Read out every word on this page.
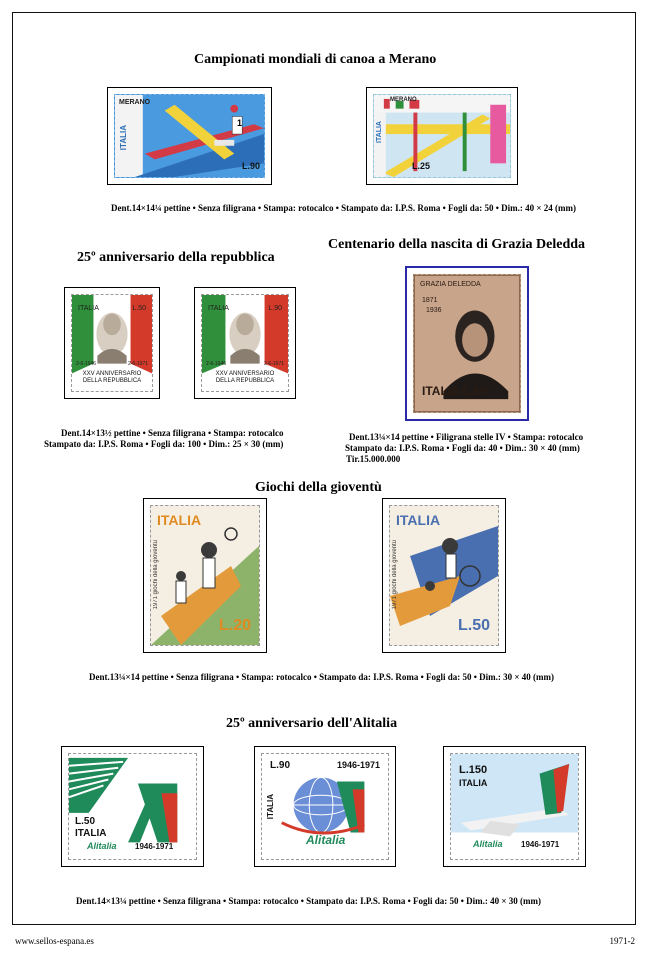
Campionati mondiali di canoa a Merano
MERANO
ITALIA
1
L.90
MERANO
ITALIA
L.25
Dent.14×14¼ pettine • Senza filigrana • Stampa: rotocalco • Stampato da: I.P.S. Roma • Fogli da: 50 • Dim.: 40 × 24 (mm)
25º anniversario della repubblica
ITALIA	L.50
2-6-1946	2-6-1971
XXV ANNIVERSARIO
DELLA REPUBBLICA
ITALIA	L.90
2-6-1946	2-6-1971
XXV ANNIVERSARIO
DELLA REPUBBLICA
Dent.14×13½ pettine • Senza filigrana • Stampa: rotocalco
Stampato da: I.P.S. Roma • Fogli da: 100 • Dim.: 25 × 30 (mm)
Centenario della nascita di Grazia Deledda
GRAZIA DELEDDA
1871
1936
ITALIA L.50
Dent.13¼×14 pettine • Filigrana stelle IV • Stampa: rotocalco
Stampato da: I.P.S. Roma • Fogli da: 40 • Dim.: 30 × 40 (mm)
Tir.15.000.000
Giochi della gioventù
ITALIA
1971 giochi della gioventù
L.20
ITALIA
1971 giochi della gioventù
L.50
Dent.13¼×14 pettine • Senza filigrana • Stampa: rotocalco • Stampato da: I.P.S. Roma • Fogli da: 50 • Dim.: 30 × 40 (mm)
25º anniversario dell'Alitalia
L.50
ITALIA
Alitalia 1946-1971
L.90	1946-1971
ITALIA
Alitalia
L.150
ITALIA
Alitalia 1946-1971
Dent.14×13¼ pettine • Senza filigrana • Stampa: rotocalco • Stampato da: I.P.S. Roma • Fogli da: 50 • Dim.: 40 × 30 (mm)
www.sellos-espana.es	1971-2
